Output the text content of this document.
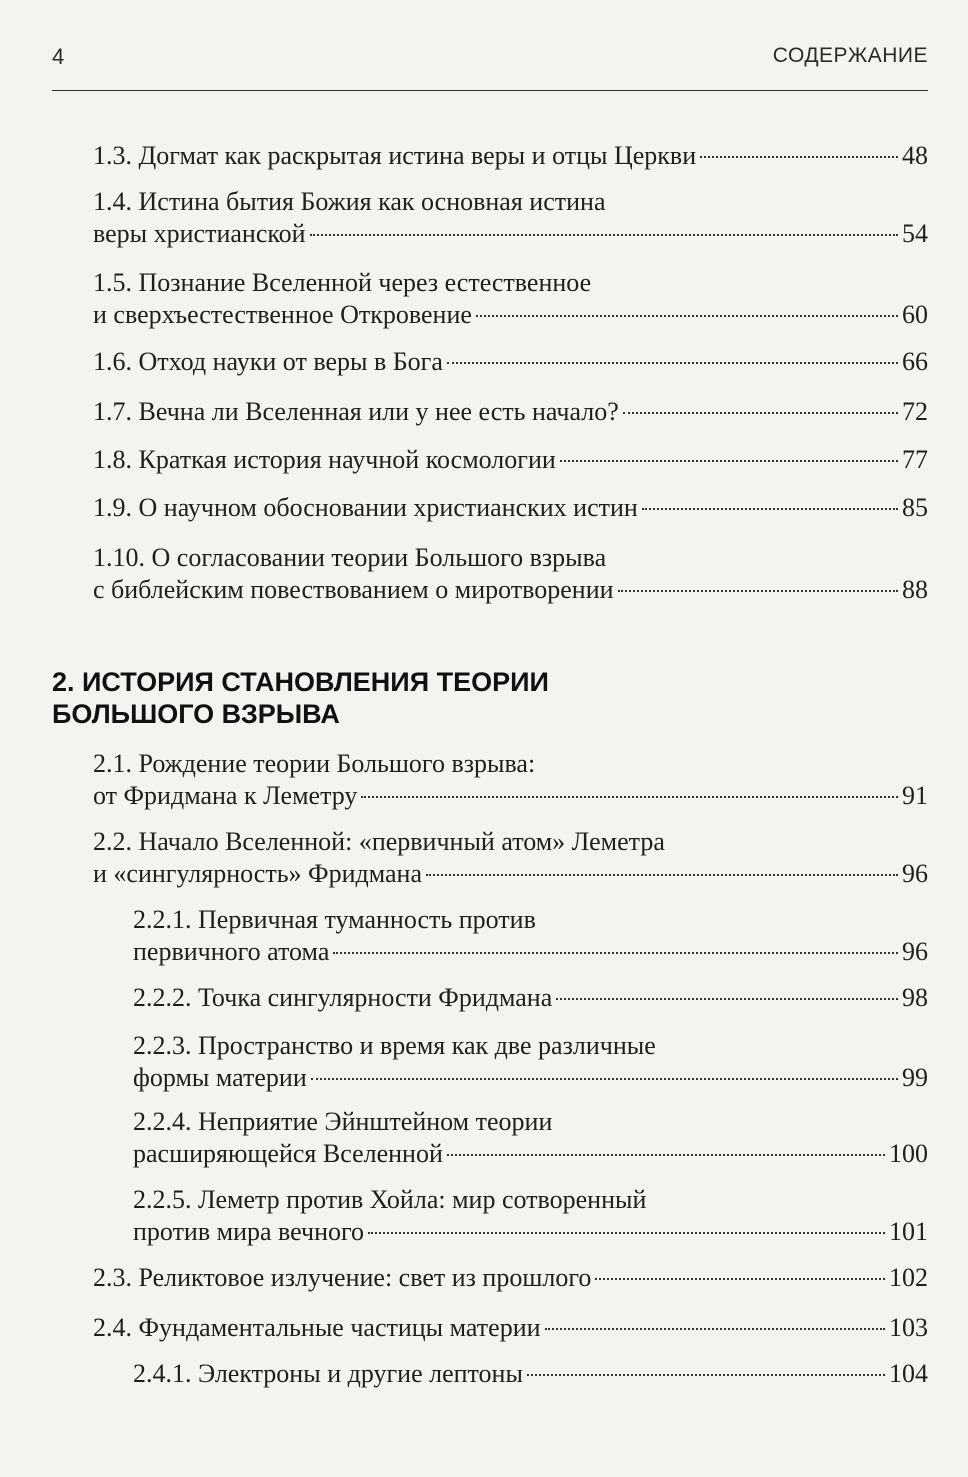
4	СОДЕРЖАНИЕ
1.3. Догмат как раскрытая истина веры и отцы Церкви	48
1.4. Истина бытия Божия как основная истина
веры христианской	54
1.5. Познание Вселенной через естественное
и сверхъестественное Откровение	60
1.6. Отход науки от веры в Бога	66
1.7. Вечна ли Вселенная или у нее есть начало?	72
1.8. Краткая история научной космологии	77
1.9. О научном обосновании христианских истин	85
1.10. О согласовании теории Большого взрыва
с библейским повествованием о миротворении	88
2. ИСТОРИЯ СТАНОВЛЕНИЯ ТЕОРИИ
БОЛЬШОГО ВЗРЫВА
2.1. Рождение теории Большого взрыва:
от Фридмана к Леметру	91
2.2. Начало Вселенной: «первичный атом» Леметра
и «сингулярность» Фридмана	96
2.2.1. Первичная туманность против
первичного атома	96
2.2.2. Точка сингулярности Фридмана	98
2.2.3. Пространство и время как две различные
формы материи	99
2.2.4. Неприятие Эйнштейном теории
расширяющейся Вселенной	100
2.2.5. Леметр против Хойла: мир сотворенный
против мира вечного	101
2.3. Реликтовое излучение: свет из прошлого	102
2.4. Фундаментальные частицы материи	103
2.4.1. Электроны и другие лептоны	104
